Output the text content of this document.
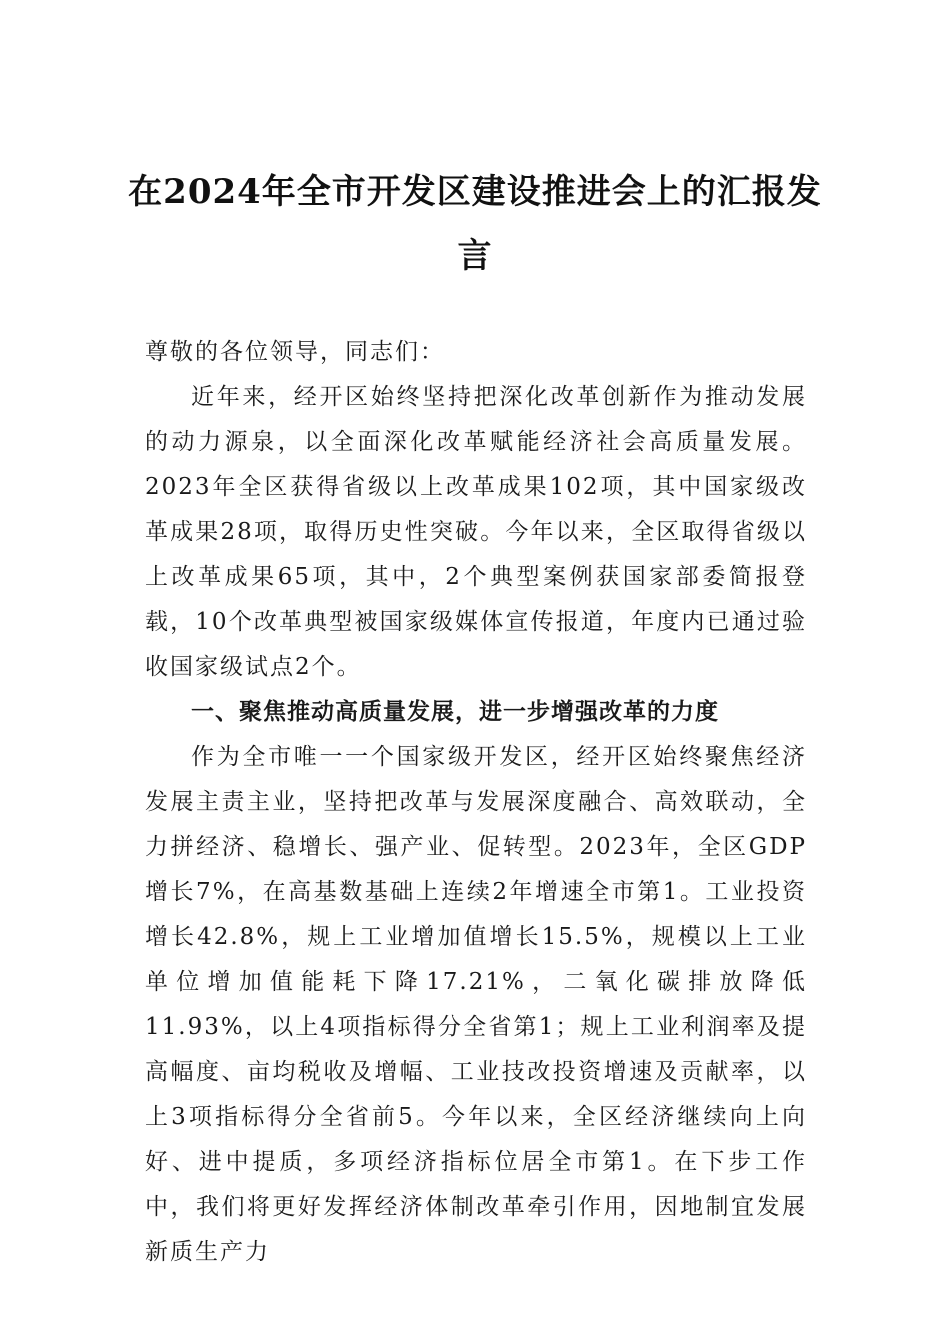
在2024年全市开发区建设推进会上的汇报发言

尊敬的各位领导，同志们：

近年来，经开区始终坚持把深化改革创新作为推动发展的动力源泉，以全面深化改革赋能经济社会高质量发展。2023年全区获得省级以上改革成果102项，其中国家级改革成果28项，取得历史性突破。今年以来，全区取得省级以上改革成果65项，其中，2个典型案例获国家部委简报登载，10个改革典型被国家级媒体宣传报道，年度内已通过验收国家级试点2个。

一、聚焦推动高质量发展，进一步增强改革的力度

作为全市唯一一个国家级开发区，经开区始终聚焦经济发展主责主业，坚持把改革与发展深度融合、高效联动，全力拼经济、稳增长、强产业、促转型。2023年，全区GDP增长7%，在高基数基础上连续2年增速全市第1。工业投资增长42.8%，规上工业增加值增长15.5%，规模以上工业单位增加值能耗下降17.21%，二氧化碳排放降低11.93%，以上4项指标得分全省第1；规上工业利润率及提高幅度、亩均税收及增幅、工业技改投资增速及贡献率，以上3项指标得分全省前5。今年以来，全区经济继续向上向好、进中提质，多项经济指标位居全市第1。在下步工作中，我们将更好发挥经济体制改革牵引作用，因地制宜发展新质生产力
